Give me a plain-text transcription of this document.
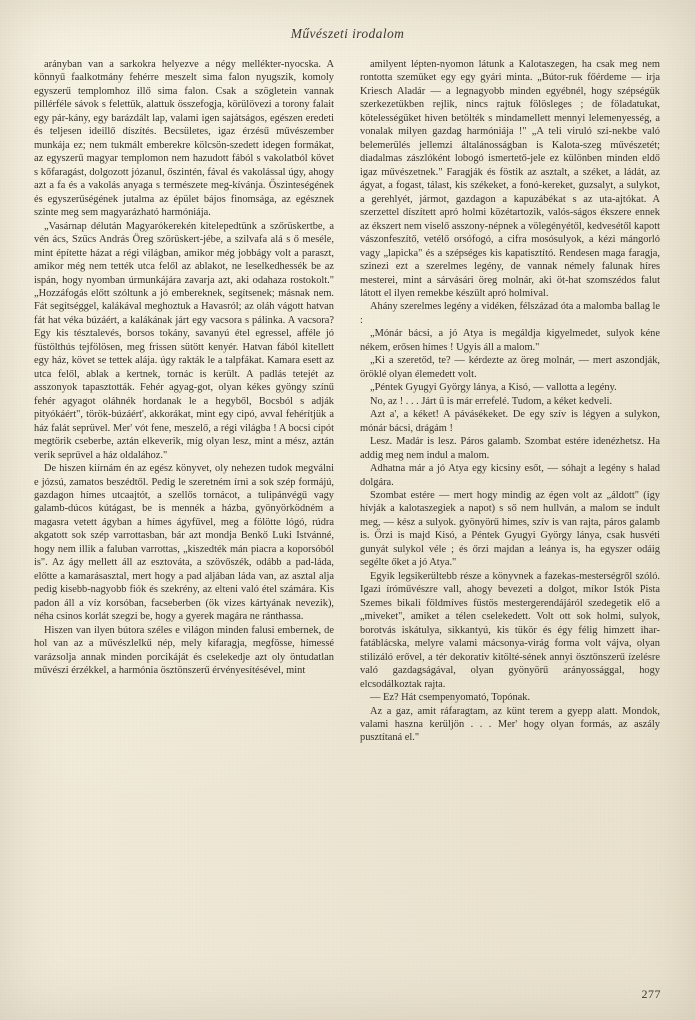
Művészeti irodalom

arányban van a sarkokra helyezve a négy mellékter-nyocska. A könnyű faalkotmány fehérre meszelt sima falon nyugszik, komoly egyszerű templomhoz illő sima falon. Csak a szögletein vannak pillérféle sávok s felettük, alattuk összefogja, körülövezi a torony falait egy pár-kány, egy barázdált lap, valami igen sajátságos, egészen eredeti és teljesen ideillő díszítés. Becsületes, igaz érzésű művészember munkája ez; nem tukmált emberekre kölcsön-szedett idegen formákat, az egyszerű magyar templomon nem hazudott fából s vakolatból követ s kőfaragást, dolgozott józanul, őszintén, fával és vakolással úgy, ahogy azt a fa és a vakolás anyaga s természete meg-kívánja. Őszinteségének és egyszerűségének jutalma az épület bájos finomsága, az egésznek szinte meg sem magyarázható harmóniája.

„Vasárnap délután Magyarókerekén kitelepedtünk a szőrüskertbe, a vén ács, Szűcs András Öreg szörüskert-jébe, a szilvafa alá s ő meséle, mint építette házat a régi világban, amikor még jobbágy volt a paraszt, amikor még nem tették utca felől az ablakot, ne leselkedhessék be az ispán, hogy nyomban úrmunkájára zavarja azt, aki odahaza rostokolt." „Hozzáfogás előtt szóltunk a jó embereknek, segítsenek; másnak nem. Fát segítséggel, kalákával meghoztuk a Havasról; az oláh vágott hatvan fát hat véka búzáért, a kalákának járt egy vacsora s pálinka. A vacsora? Egy kis tésztalevés, borsos tokány, savanyú étel egressel, afféle jó füstölthús tejfölösen, meg frissen sütött kenyér. Hatvan fából kitellett egy ház, követ se tettek alája. úgy rakták le a talpfákat. Kamara esett az utca felől, ablak a kertnek, tornác is került. A padlás tetejét az asszonyok tapasztották. Fehér agyag-got, olyan kékes gyöngy színű fehér agyagot oláhnék hordanak le a hegyből, Bocsból s adják pityókáért", török-búzáért', akkorákat, mint egy cipó, avval fehérítjük a ház falát seprüvel. Mer' vót fene, meszelő, a régi világba ! A bocsi cipót megtörik cseberbe, aztán elkeverik, míg olyan lesz, mint a mész, aztán verik seprűvel a ház oldalához."

De hiszen kiírnám én az egész könyvet, oly nehezen tudok megválni e józsú, zamatos beszédtől. Pedig le szeretném írni a sok szép formájú, gazdagon hímes utcaajtót, a szellős tornácot, a tulipánvégű vagy galamb-dúcos kútágast, be is mennék a házba, gyönyörködném a magasra vetett ágyban a hímes ágyfűvel, meg a fölötte lógó, rúdra akgatott sok szép varrottasban, bár azt mondja Benkő Luki Istvánné, hogy nem illik a faluban varrottas, „kiszedték mán piacra a koporsóból is". Az ágy mellett áll az esztováta, a szövőszék, odább a pad-láda, előtte a kamarásasztal, mert hogy a pad aljában láda van, az asztal alja pedig kisebb-nagyobb fiók és szekrény, az elteni való étel számára. Kis padon áll a víz korsóban, facseberben (ök vizes kártyának nevezik), néha csinos korlát szegzi be, hogy a gyerek magára ne ránthassa.

Hiszen van ilyen bútora széles e világon minden falusi embernek, de hol van az a művészlelkű nép, mely kifaragja, megfösse, hímessé varázsolja annak minden porcikáját és cselekedje azt oly öntudatlan művészi érzékkel, a harmónia ösztönszerű érvényesítésével, mint

amilyent lépten-nyomon látunk a Kalotaszegen, ha csak meg nem rontotta szemüket egy egy gyári minta. „Bútor-ruk főérdeme — irja Kriesch Aladár — a legnagyobb minden egyébnél, hogy szépségük szerkezetükben rejlik, nincs rajtuk fölösleges ; de föladatukat, kötelességüket hiven betölték s mindamellett mennyi lelemenyesség, a vonalak milyen gazdag harmóniája !" „A teli viruló szi-nekbe való belemerülés jellemzi általánosságban is Kalota-szeg művészetét; diadalmas zászlóként lobogó ismertető-jele ez különben minden eldő igaz művészetnek." Faragják és föstik az asztalt, a széket, a ládát, az ágyat, a fogast, tálast, kis székeket, a fonó-kereket, guzsalyt, a sulykot, a gerehlyét, jármot, gazdagon a kapuzábékat s az uta-ajtókat. A szerzettel díszített apró holmi közétartozik, valós-ságos ékszere ennek az ékszert nem viselő asszony-népnek a völegényétől, kedvesétől kapott vászonfeszítő, vetélő orsófogó, a cifra mosósulyok, a kézi mángorló vagy „lapicka" és a szépséges kis kapatisztító. Rendesen maga faragja, szinezi ezt a szerelmes legény, de vannak némely falunak híres mesterei, mint a sárvásári öreg molnár, aki öt-hat szomszédos falut látott el ilyen remekbe készült apró holmival.

Ahány szerelmes legény a vidéken, félszázad óta a malomba ballag le :

„Mónár bácsi, a jó Atya is megáldja kigyelmedet, sulyok kéne nékem, erősen hímes ! Ugyis áll a malom."

„Ki a szeretőd, te? — kérdezte az öreg molnár, — mert aszondják, öröklé olyan élemedett volt.

„Péntek Gyugyi György lánya, a Kisó, — vallotta a legény.

No, az ! . . . Járt ű is már errefelé. Tudom, a kéket kedveli.

Azt a', a kéket! A pávásékeket. De egy szív is légyen a sulykon, mónár bácsi, drágám !

Lesz. Madár is lesz. Páros galamb. Szombat estére idenézhetsz. Ha addig meg nem indul a malom.

Adhatna már a jó Atya egy kicsiny esőt, — sóhajt a legény s halad dolgára.

Szombat estére — mert hogy mindig az égen volt az „áldott" (így hívják a kalotaszegiek a napot) s ső nem hullván, a malom se indult meg, — kész a sulyok. gyönyörű himes, szív is van rajta, páros galamb is. Őrzi is majd Kisó, a Péntek Gyugyi György lánya, csak husvéti gunyát sulykol véle ; és őrzi majdan a leánya is, ha egyszer odáig segélte őket a jó Atya."

Egyik legsikerültebb része a könyvnek a fazekas-mesterségről szóló. Igazi íróművészre vall, ahogy bevezeti a dolgot, míkor Istók Pista Szemes bikali földmíves füstös mestergerendájáról szedegetik elő a „miveket", amiket a télen cselekedett. Volt ott sok holmi, sulyok, borotvás iskátulya, sikkantyú, kis tükör és égy félig himzett ihar-fatáblácska, melyre valami mácsonya-virág forma volt vájva, olyan stilizáló erővel, a tér dekorativ kitölté-sének annyi ösztönszerű ízelésre való gazdagságával, olyan gyönyörű arányossággal, hogy elcsodálkoztak rajta.

— Ez? Hát csempenyomató, Topónak.

Az a gaz, amit ráfaragtam, az künt terem a gyepp alatt. Mondok, valami hasznа kerüljön . . . Mer' hogy olyan formás, az aszály pusztítaná el."

277
